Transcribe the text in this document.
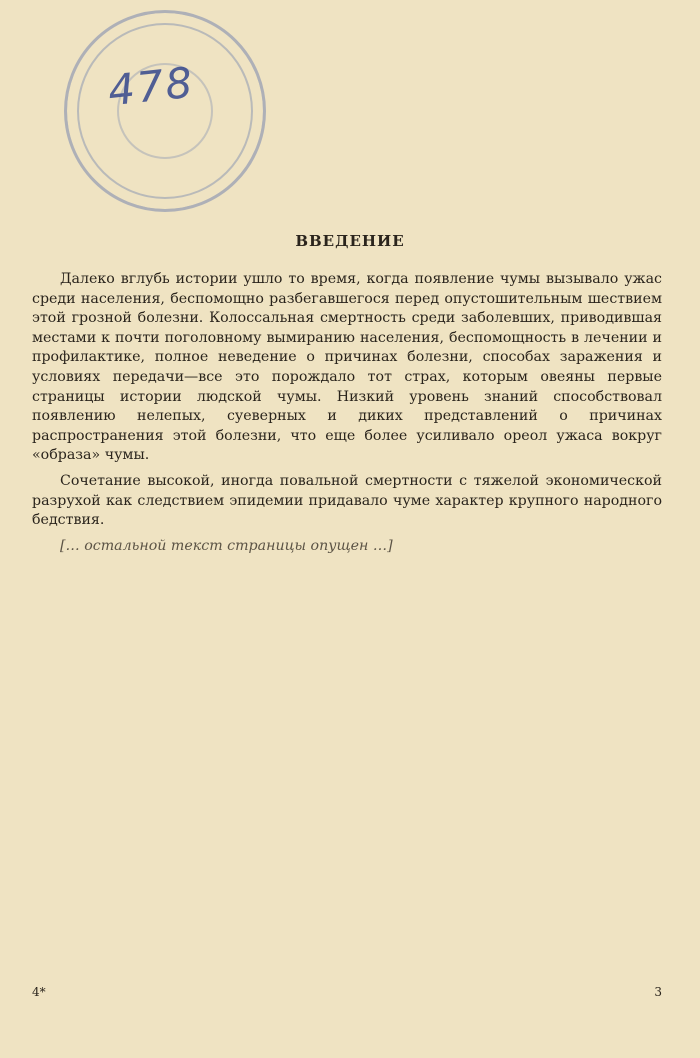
478
ВВЕДЕНИЕ

Далеко вглубь истории ушло то время, когда появление чумы вызывало ужас среди населения, беспомощно разбегавшегося перед опустошительным шествием этой грозной болезни. Колоссальная смертность среди заболевших, приводившая местами к почти поголовному вымиранию населения, беспомощность в лечении и профилактике, полное неведение о причинах болезни, способах заражения и условиях передачи—все это порождало тот страх, которым овеяны первые страницы истории людской чумы. Низкий уровень знаний способствовал появлению нелепых, суеверных и диких представлений о причинах распространения этой болезни, что еще более усиливало ореол ужаса вокруг «образа» чумы.

Сочетание высокой, иногда повальной смертности с тяжелой экономической разрухой как следствием эпидемии придавало чуме характер крупного народного бедствия.

[… остальной текст страницы опущен …]

4*	3
